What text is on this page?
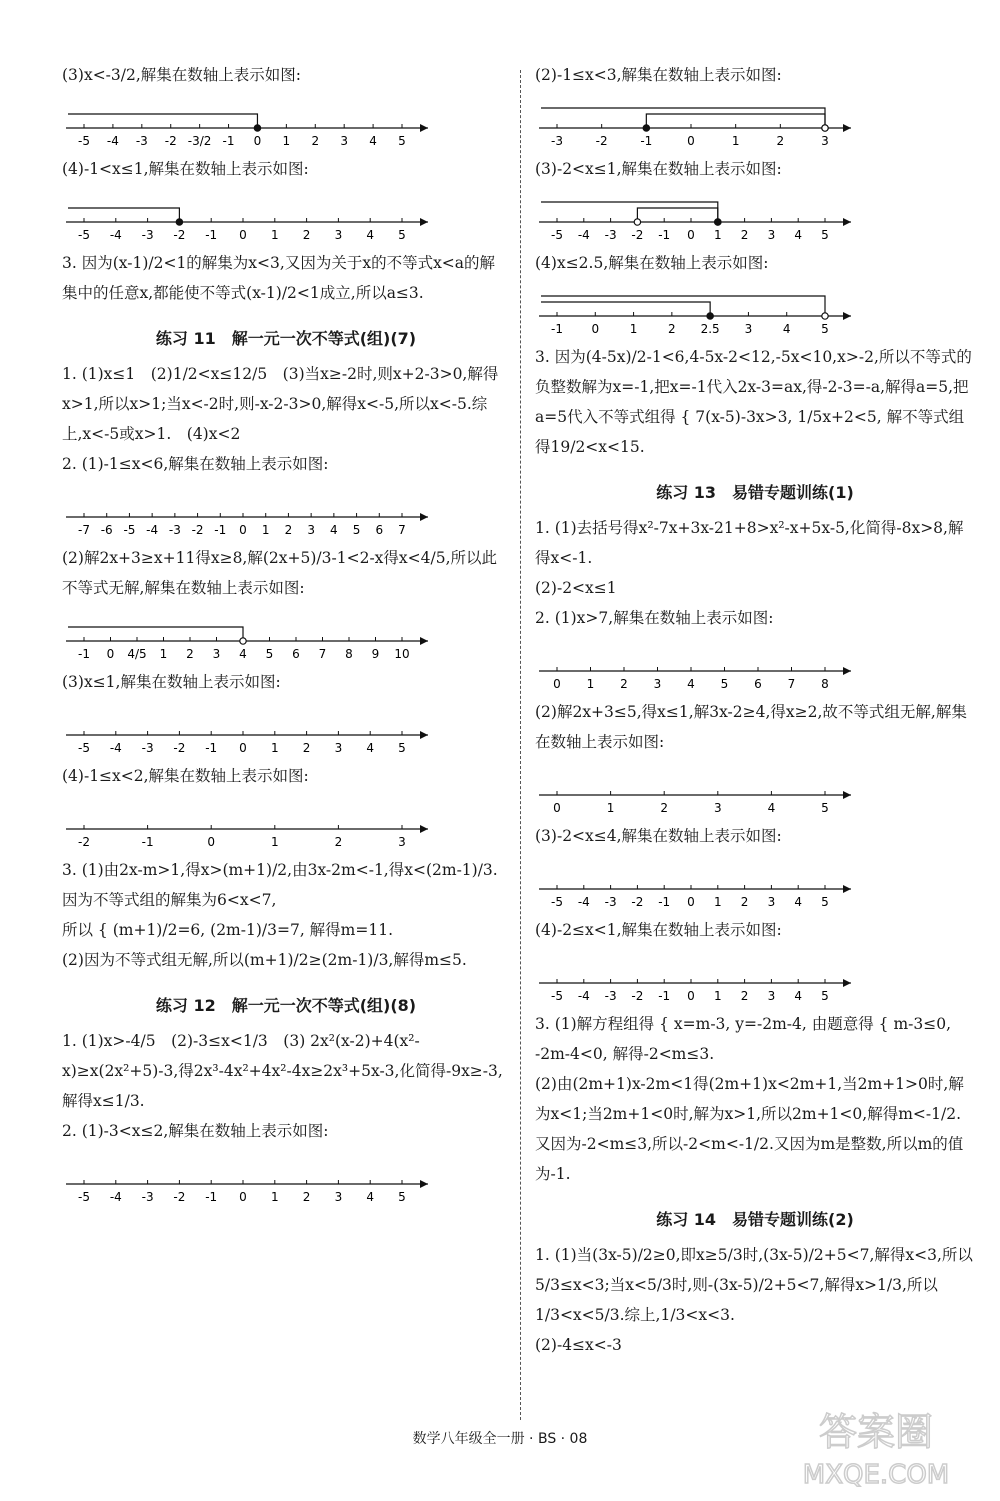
(3)x<-3/2,解集在数轴上表示如图:
-5 -4 -3 -2 -3/2 -1 0 1 2 3 4 5
(4)-1<x≤1,解集在数轴上表示如图:
-5 -4 -3 -2 -1 0 1 2 3 4 5
3. 因为(x-1)/2<1的解集为x<3,又因为关于x的不等式x<a的解集中的任意x,都能使不等式(x-1)/2<1成立,所以a≤3.
练习 11　解一元一次不等式(组)(7)
1. (1)x≤1　(2)1/2<x≤12/5　(3)当x≥-2时,则x+2-3>0,解得x>1,所以x>1;当x<-2时,则-x-2-3>0,解得x<-5,所以x<-5.综上,x<-5或x>1.　(4)x<2
2. (1)-1≤x<6,解集在数轴上表示如图:
-7 -6 -5 -4 -3 -2 -1 0 1 2 3 4 5 6 7
(2)解2x+3≥x+11得x≥8,解(2x+5)/3-1<2-x得x<4/5,所以此不等式无解,解集在数轴上表示如图:
-1 0 4/5 1 2 3 4 5 6 7 8 9 10
(3)x≤1,解集在数轴上表示如图:
-5 -4 -3 -2 -1 0 1 2 3 4 5
(4)-1≤x<2,解集在数轴上表示如图:
-2	-1	0	1	2	3
3. (1)由2x-m>1,得x>(m+1)/2,由3x-2m<-1,得x<(2m-1)/3.因为不等式组的解集为6<x<7,
所以 { (m+1)/2=6, (2m-1)/3=7, 解得m=11.
(2)因为不等式组无解,所以(m+1)/2≥(2m-1)/3,解得m≤5.
练习 12　解一元一次不等式(组)(8)
1. (1)x>-4/5　(2)-3≤x<1/3　(3) 2x²(x-2)+4(x²-x)≥x(2x²+5)-3,得2x³-4x²+4x²-4x≥2x³+5x-3,化简得-9x≥-3,解得x≤1/3.
2. (1)-3<x≤2,解集在数轴上表示如图:
-5 -4 -3 -2 -1 0 1 2 3 4 5
(2)-1≤x<3,解集在数轴上表示如图:
-3	-2	-1	0	1	2	3
(3)-2<x≤1,解集在数轴上表示如图:
-5 -4 -3 -2 -1 0 1 2 3 4 5
(4)x≤2.5,解集在数轴上表示如图:
-1 0	1	2 2.5 3	4	5
3. 因为(4-5x)/2-1<6,4-5x-2<12,-5x<10,x>-2,所以不等式的负整数解为x=-1,把x=-1代入2x-3=ax,得-2-3=-a,解得a=5,把a=5代入不等式组得 { 7(x-5)-3x>3, 1/5x+2<5, 解不等式组得19/2<x<15.
练习 13　易错专题训练(1)
1. (1)去括号得x²-7x+3x-21+8>x²-x+5x-5,化简得-8x>8,解得x<-1.
(2)-2<x≤1
2. (1)x>7,解集在数轴上表示如图:
0 1 2 3 4 5 6 7 8
(2)解2x+3≤5,得x≤1,解3x-2≥4,得x≥2,故不等式组无解,解集在数轴上表示如图:
0	1	2	3	4	5
(3)-2<x≤4,解集在数轴上表示如图:
-5 -4 -3 -2 -1 0 1 2 3 4 5
(4)-2≤x<1,解集在数轴上表示如图:
-5 -4 -3 -2 -1 0 1 2 3 4 5
3. (1)解方程组得 { x=m-3, y=-2m-4, 由题意得 { m-3≤0, -2m-4<0, 解得-2<m≤3.
(2)由(2m+1)x-2m<1得(2m+1)x<2m+1,当2m+1>0时,解为x<1;当2m+1<0时,解为x>1,所以2m+1<0,解得m<-1/2.又因为-2<m≤3,所以-2<m<-1/2.又因为m是整数,所以m的值为-1.
练习 14　易错专题训练(2)
1. (1)当(3x-5)/2≥0,即x≥5/3时,(3x-5)/2+5<7,解得x<3,所以5/3≤x<3;当x<5/3时,则-(3x-5)/2+5<7,解得x>1/3,所以1/3<x<5/3.综上,1/3<x<3.
(2)-4≤x<-3
数学八年级全一册 · BS · 08	答案圈
MXQE.COM
